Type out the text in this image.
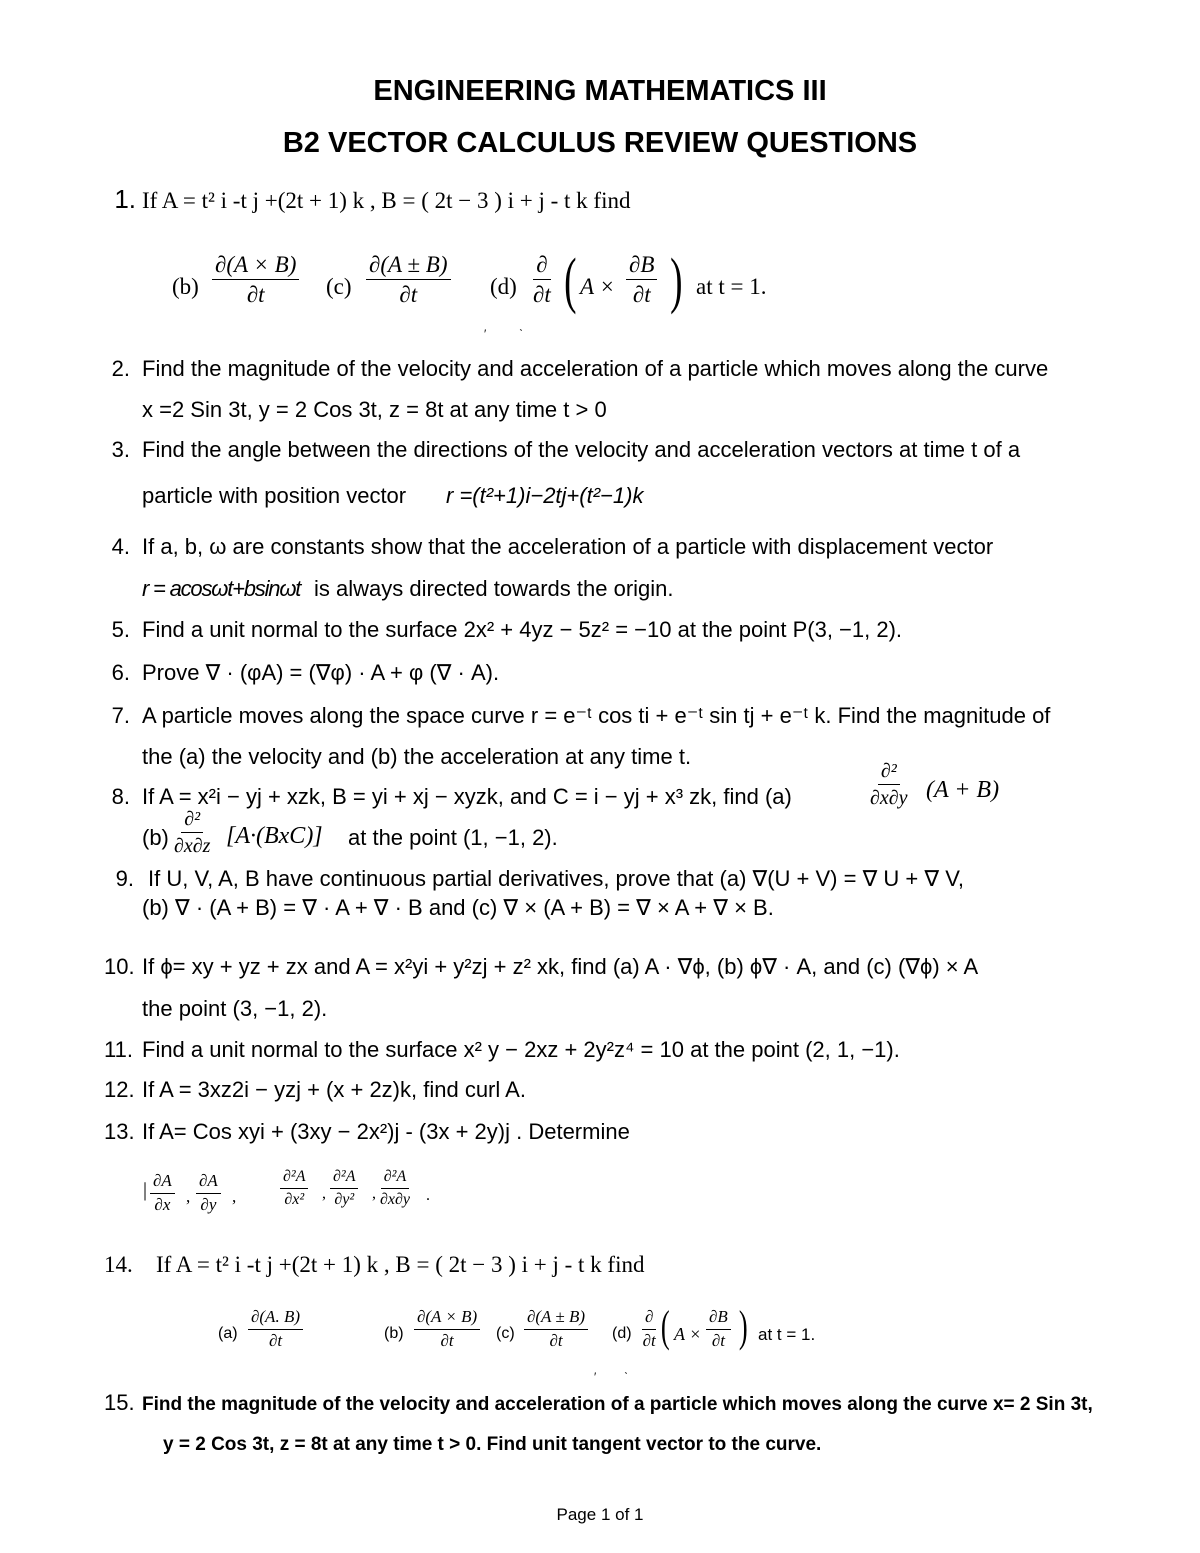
ENGINEERING MATHEMATICS III
B2 VECTOR CALCULUS REVIEW QUESTIONS
1. If A = t² i -t j +(2t + 1) k , B = ( 2t − 3 ) i + j - t k find
$(b) \frac{\partial(A \times B)}{\partial t} (c) \frac{\partial(A \pm B)}{\partial t} (d)$
∂
∂t ( $A \times \frac{\partial B}{\partial t}$ ) at t = 1.
′	ˋ
2. Find the magnitude of the velocity and acceleration of a particle which moves along the curve
x =2 Sin 3t, y = 2 Cos 3t, z = 8t at any time t > 0
3. Find the angle between the directions of the velocity and acceleration vectors at time t of a
particle with position vector r =(t²+1)i−2tj+(t²−1)k
4. If a, b, ω are constants show that the acceleration of a particle with displacement vector
r = acosωt+bsinωt is always directed towards the origin.
5. Find a unit normal to the surface 2x² + 4yz − 5z² = −10 at the point P(3, −1, 2).
6. Prove ∇ · (φA) = (∇φ) · A + φ (∇ · A).
7. A particle moves along the space curve r = e⁻ᵗ cos ti + e⁻ᵗ sin tj + e⁻ᵗ k. Find the magnitude of
the (a) the velocity and (b) the acceleration at any time t.
8. If A = x²i − yj + xzk, B = yi + xj − xyzk, and C = i − yj + x³ zk, find (a)
∂²
∂x∂y (A + B)
(b)
∂²
∂x∂z [A·(BxC)] at the point (1, −1, 2).
9. If U, V, A, B have continuous partial derivatives, prove that (a) ∇(U + V) = ∇ U + ∇ V,
(b) ∇ · (A + B) = ∇ · A + ∇ · B and (c) ∇ × (A + B) = ∇ × A + ∇ × B.
10. If ϕ= xy + yz + zx and A = x²yi + y²zj + z² xk, find (a) A · ∇ϕ, (b) ϕ∇ · A, and (c) (∇ϕ) × A
the point (3, −1, 2).
11. Find a unit normal to the surface x² y − 2xz + 2y²z⁴ = 10 at the point (2, 1, −1).
12. If A = 3xz2i − yzj + (x + 2z)k, find curl A.
13. If A= Cos xyi + (3xy − 2x²)j - (3x + 2y)j . Determine
| $\frac{\partial A}{\partial x}$ , $\frac{\partial A}{\partial y}$ ,	$\frac{\text{∂²A}}{\text{∂x²}}$ , $\frac{\text{∂²A}}{\text{∂y²}}$ , $\frac{\text{∂²A}}{\partial x\partial y}$ .
14. If A = t² i -t j +(2t + 1) k , B = ( 2t − 3 ) i + j - t k find
$(a) \frac{\partial(A. B)}{\partial t}$	$(b) \frac{\partial(A \times B)}{\partial t} (c) \frac{\partial(A \pm B)}{\partial t} (d)$
∂
∂t ( $A \times \frac{\partial B}{\partial t}$ ) at t = 1.
′ ˋ
15. Find the magnitude of the velocity and acceleration of a particle which moves along the curve x= 2 Sin 3t,
y = 2 Cos 3t, z = 8t at any time t > 0. Find unit tangent vector to the curve.
Page 1 of 1
